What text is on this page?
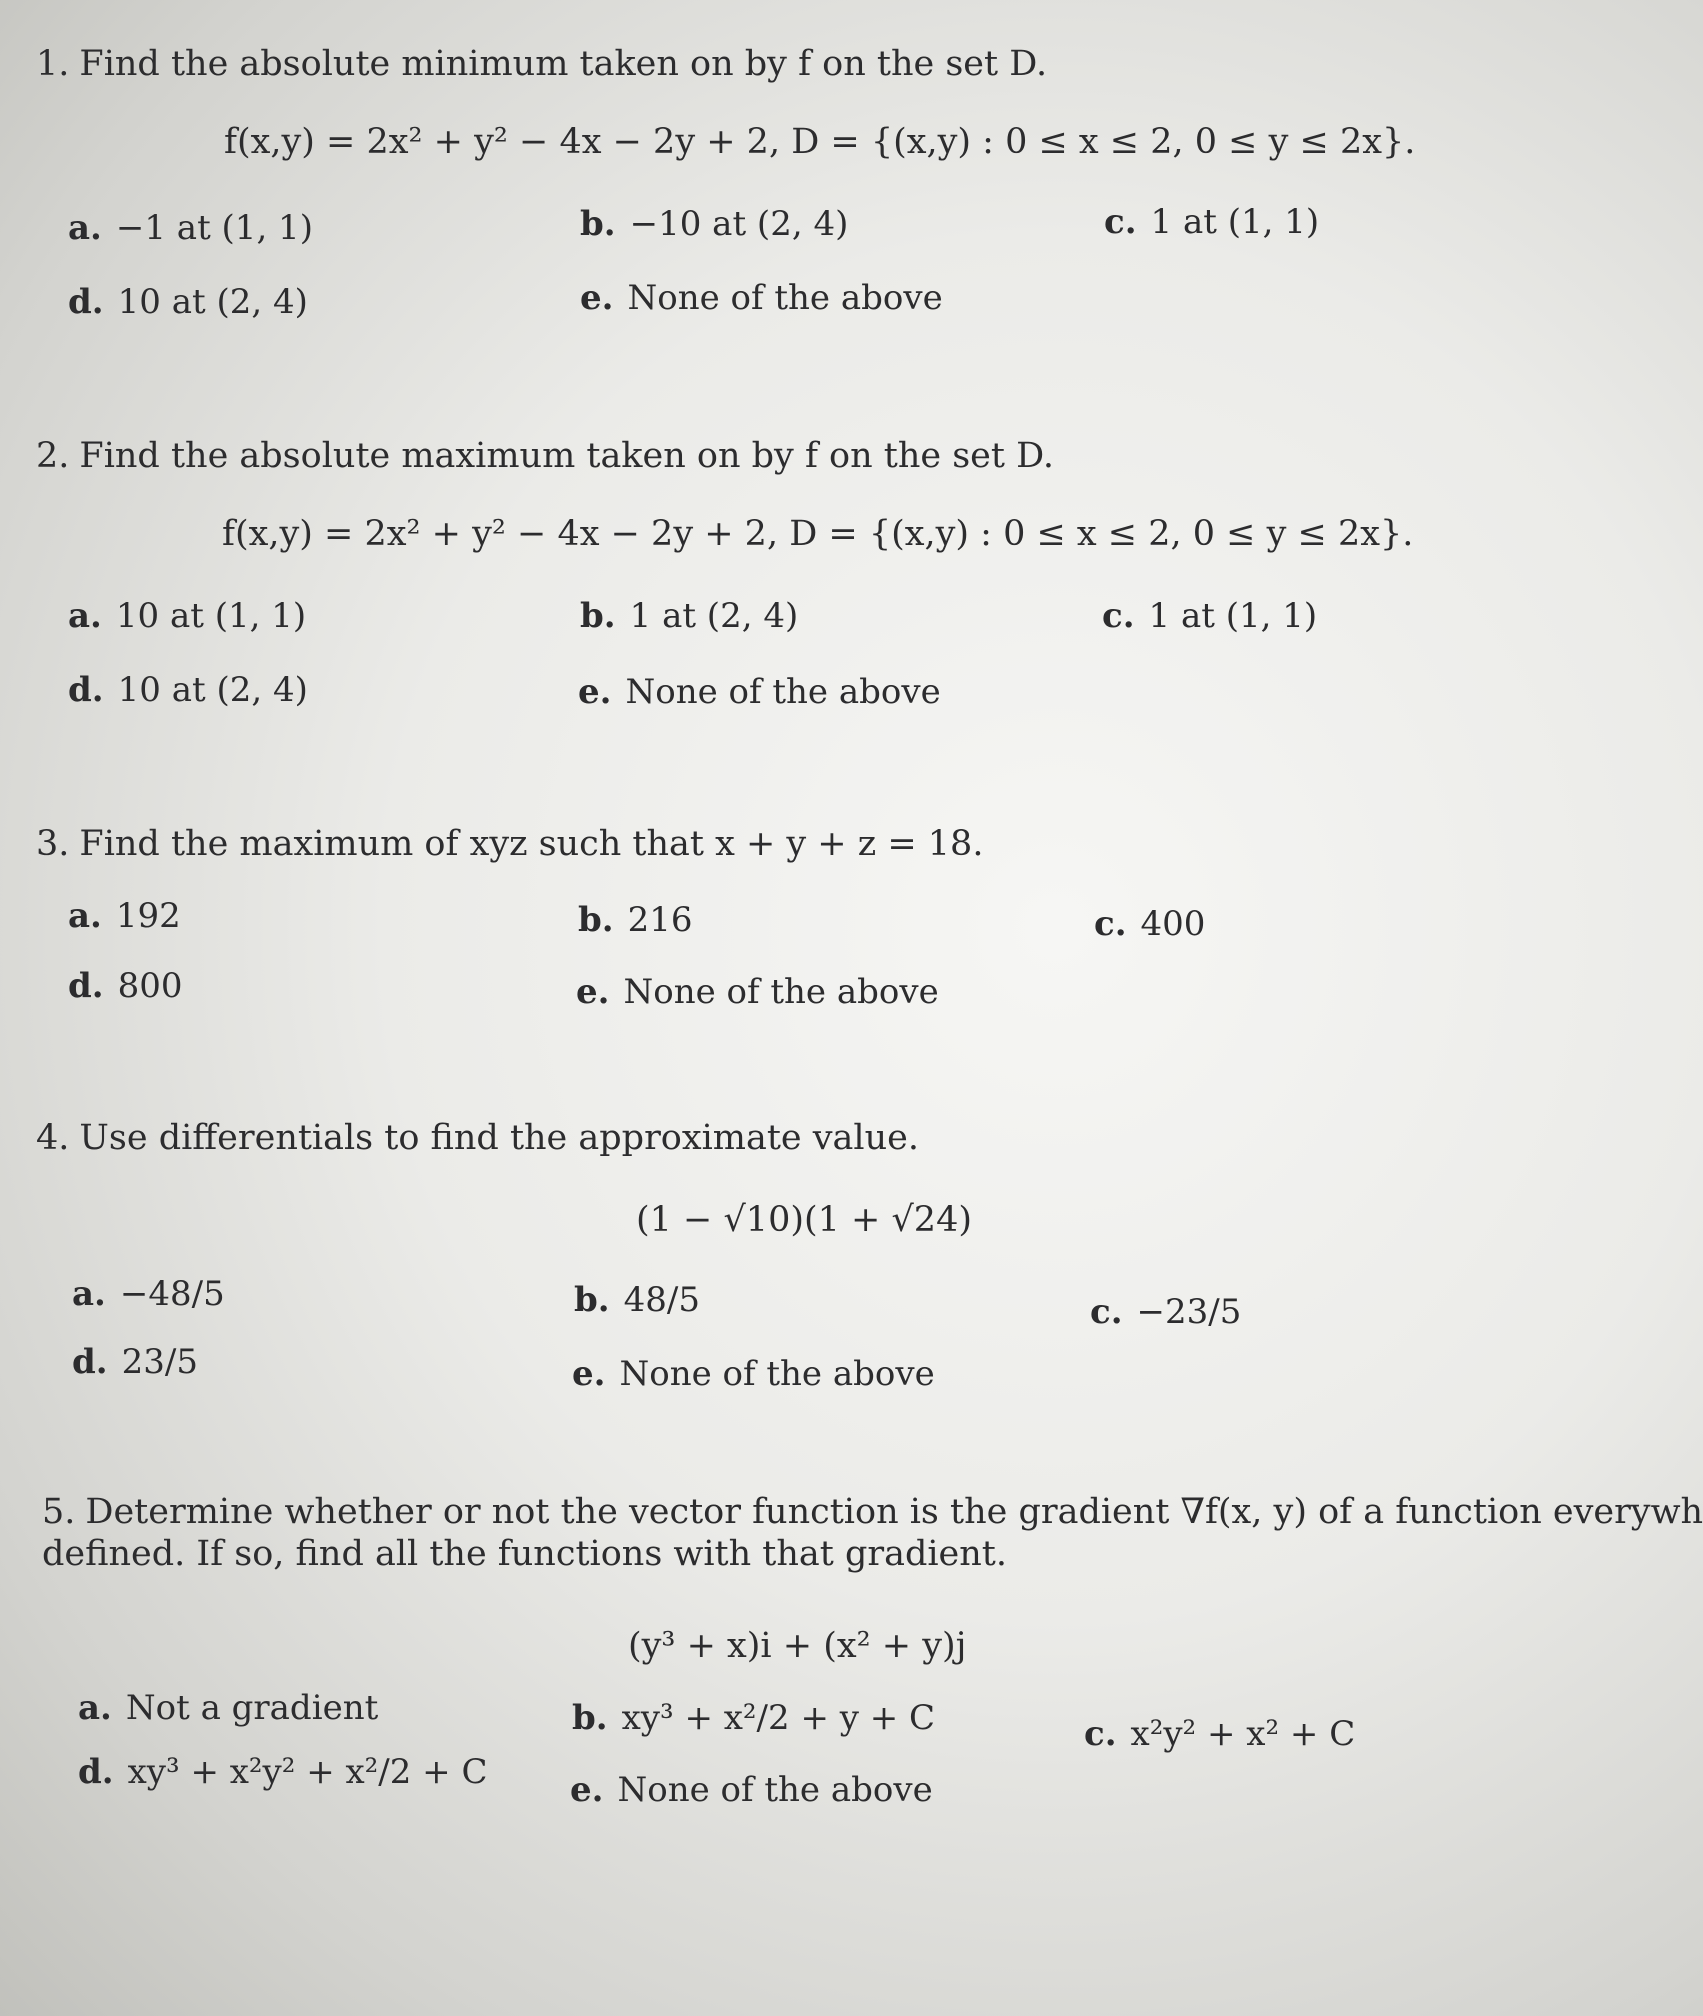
1. Find the absolute minimum taken on by f on the set D.
f(x,y) = 2x² + y² − 4x − 2y + 2, D = {(x,y) : 0 ≤ x ≤ 2, 0 ≤ y ≤ 2x}.
a. −1 at (1, 1)	b. −10 at (2, 4)	c. 1 at (1, 1)
d. 10 at (2, 4)	e. None of the above
2. Find the absolute maximum taken on by f on the set D.
f(x,y) = 2x² + y² − 4x − 2y + 2, D = {(x,y) : 0 ≤ x ≤ 2, 0 ≤ y ≤ 2x}.
a. 10 at (1, 1)	b. 1 at (2, 4)	c. 1 at (1, 1)
d. 10 at (2, 4)	e. None of the above
3. Find the maximum of xyz such that x + y + z = 18.
a. 192	b. 216	c. 400
d. 800	e. None of the above
4. Use differentials to find the approximate value.
(1 − √10)(1 + √24)
a. −48/5	b. 48/5	c. −23/5
d. 23/5	e. None of the above
5. Determine whether or not the vector function is the gradient ∇f(x, y) of a function everywh
defined. If so, find all the functions with that gradient.
(y³ + x)i + (x² + y)j
a. Not a gradient	b. xy³ + x²/2 + y + C	c. x²y² + x² + C
d. xy³ + x²y² + x²/2 + C e. None of the above
